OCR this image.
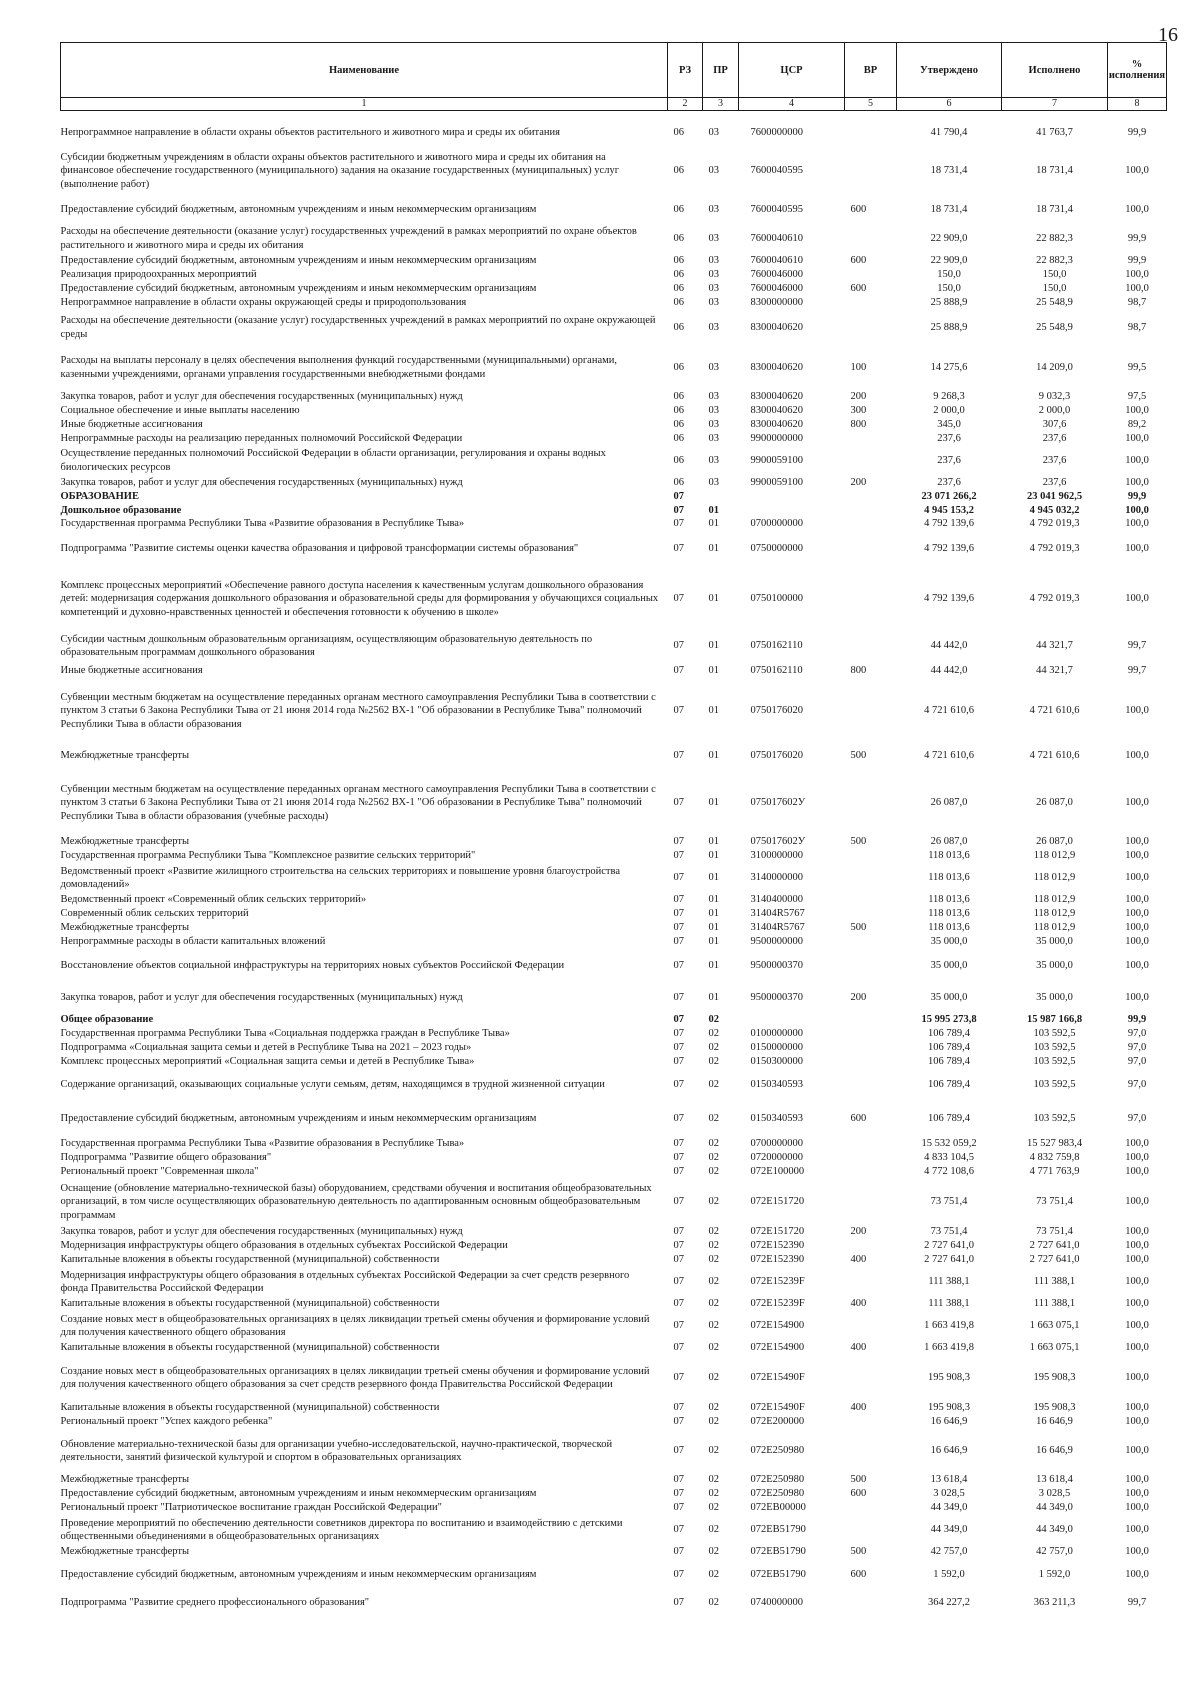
16
Наименование	РЗ	ПР	ЦСР	ВР	Утверждено	Исполнено	% исполнения
1	2	3	4	5	6	7	8
Непрограммное направление в области охраны объектов растительного и животного мира и среды их обитания	06	03	7600000000		41 790,4	41 763,7	99,9
Субсидии бюджетным учреждениям в области охраны объектов растительного и животного мира и среды их обитания на финансовое обеспечение государственного (муниципального) задания на оказание государственных (муниципальных) услуг (выполнение работ)	06	03	7600040595		18 731,4	18 731,4	100,0
Предоставление субсидий бюджетным, автономным учреждениям и иным некоммерческим организациям	06	03	7600040595	600	18 731,4	18 731,4	100,0
Расходы на обеспечение деятельности (оказание услуг) государственных учреждений в рамках мероприятий по охране объектов растительного и животного мира и среды их обитания	06	03	7600040610		22 909,0	22 882,3	99,9
Предоставление субсидий бюджетным, автономным учреждениям и иным некоммерческим организациям	06	03	7600040610	600	22 909,0	22 882,3	99,9
Реализация природоохранных мероприятий	06	03	7600046000		150,0	150,0	100,0
Предоставление субсидий бюджетным, автономным учреждениям и иным некоммерческим организациям	06	03	7600046000	600	150,0	150,0	100,0
Непрограммное направление в области охраны окружающей среды и природопользования	06	03	8300000000		25 888,9	25 548,9	98,7
Расходы на обеспечение деятельности (оказание услуг) государственных учреждений в рамках мероприятий по охране окружающей среды	06	03	8300040620		25 888,9	25 548,9	98,7
Расходы на выплаты персоналу в целях обеспечения выполнения функций государственными (муниципальными) органами, казенными учреждениями, органами управления государственными внебюджетными фондами	06	03	8300040620	100	14 275,6	14 209,0	99,5
Закупка товаров, работ и услуг для обеспечения государственных (муниципальных) нужд	06	03	8300040620	200	9 268,3	9 032,3	97,5
Социальное обеспечение и иные выплаты населению	06	03	8300040620	300	2 000,0	2 000,0	100,0
Иные бюджетные ассигнования	06	03	8300040620	800	345,0	307,6	89,2
Непрограммные расходы на реализацию переданных полномочий Российской Федерации	06	03	9900000000		237,6	237,6	100,0
Осуществление переданных полномочий Российской Федерации в области организации, регулирования и охраны водных биологических ресурсов	06	03	9900059100		237,6	237,6	100,0
Закупка товаров, работ и услуг для обеспечения государственных (муниципальных) нужд	06	03	9900059100	200	237,6	237,6	100,0
ОБРАЗОВАНИЕ	07				23 071 266,2	23 041 962,5	99,9
Дошкольное образование	07	01			4 945 153,2	4 945 032,2	100,0
Государственная программа Республики Тыва «Развитие образования в Республике Тыва»	07	01	0700000000		4 792 139,6	4 792 019,3	100,0
Подпрограмма "Развитие системы оценки качества образования и цифровой трансформации системы образования"	07	01	0750000000		4 792 139,6	4 792 019,3	100,0
Комплекс процессных мероприятий «Обеспечение равного доступа населения к качественным услугам дошкольного образования детей: модернизация содержания дошкольного образования и образовательной среды для формирования у обучающихся социальных компетенций и духовно-нравственных ценностей и обеспечения готовности к обучению в школе»	07	01	0750100000		4 792 139,6	4 792 019,3	100,0
Субсидии частным дошкольным образовательным организациям, осуществляющим образовательную деятельность по образовательным программам дошкольного образования	07	01	0750162110		44 442,0	44 321,7	99,7
Иные бюджетные ассигнования	07	01	0750162110	800	44 442,0	44 321,7	99,7
Субвенции местным бюджетам на осуществление переданных органам местного самоуправления Республики Тыва в соответствии с пунктом 3 статьи 6 Закона Республики Тыва от 21 июня 2014 года №2562 ВХ-1 "Об образовании в Республике Тыва" полномочий Республики Тыва в области образования	07	01	0750176020		4 721 610,6	4 721 610,6	100,0
Межбюджетные трансферты	07	01	0750176020	500	4 721 610,6	4 721 610,6	100,0
Субвенции местным бюджетам на осуществление переданных органам местного самоуправления Республики Тыва в соответствии с пунктом 3 статьи 6 Закона Республики Тыва от 21 июня 2014 года №2562 ВХ-1 "Об образовании в Республике Тыва" полномочий Республики Тыва в области образования (учебные расходы)	07	01	075017602У		26 087,0	26 087,0	100,0
Межбюджетные трансферты	07	01	075017602У	500	26 087,0	26 087,0	100,0
Государственная программа Республики Тыва "Комплексное развитие сельских территорий"	07	01	3100000000		118 013,6	118 012,9	100,0
Ведомственный проект «Развитие жилищного строительства на сельских территориях и повышение уровня благоустройства домовладений»	07	01	3140000000		118 013,6	118 012,9	100,0
Ведомственный проект «Современный облик сельских территорий»	07	01	3140400000		118 013,6	118 012,9	100,0
Современный облик сельских территорий	07	01	31404R5767		118 013,6	118 012,9	100,0
Межбюджетные трансферты	07	01	31404R5767	500	118 013,6	118 012,9	100,0
Непрограммные расходы в области капитальных вложений	07	01	9500000000		35 000,0	35 000,0	100,0
Восстановление объектов социальной инфраструктуры на территориях новых субъектов Российской Федерации	07	01	9500000370		35 000,0	35 000,0	100,0
Закупка товаров, работ и услуг для обеспечения государственных (муниципальных) нужд	07	01	9500000370	200	35 000,0	35 000,0	100,0
Общее образование	07	02			15 995 273,8	15 987 166,8	99,9
Государственная программа Республики Тыва «Социальная поддержка граждан в Республике Тыва»	07	02	0100000000		106 789,4	103 592,5	97,0
Подпрограмма «Социальная защита семьи и детей в Республике Тыва на 2021 – 2023 годы»	07	02	0150000000		106 789,4	103 592,5	97,0
Комплекс процессных мероприятий «Социальная защита семьи и детей в Республике Тыва»	07	02	0150300000		106 789,4	103 592,5	97,0
Содержание организаций, оказывающих социальные услуги семьям, детям, находящимся в трудной жизненной ситуации	07	02	0150340593		106 789,4	103 592,5	97,0
Предоставление субсидий бюджетным, автономным учреждениям и иным некоммерческим организациям	07	02	0150340593	600	106 789,4	103 592,5	97,0
Государственная программа Республики Тыва «Развитие образования в Республике Тыва»	07	02	0700000000		15 532 059,2	15 527 983,4	100,0
Подпрограмма "Развитие общего образования"	07	02	0720000000		4 833 104,5	4 832 759,8	100,0
Региональный проект "Современная школа"	07	02	072E100000		4 772 108,6	4 771 763,9	100,0
Оснащение (обновление материально-технической базы) оборудованием, средствами обучения и воспитания общеобразовательных организаций, в том числе осуществляющих образовательную деятельность по адаптированным основным общеобразовательным программам	07	02	072E151720		73 751,4	73 751,4	100,0
Закупка товаров, работ и услуг для обеспечения государственных (муниципальных) нужд	07	02	072E151720	200	73 751,4	73 751,4	100,0
Модернизация инфраструктуры общего образования в отдельных субъектах Российской Федерации	07	02	072E152390		2 727 641,0	2 727 641,0	100,0
Капитальные вложения в объекты государственной (муниципальной) собственности	07	02	072E152390	400	2 727 641,0	2 727 641,0	100,0
Модернизация инфраструктуры общего образования в отдельных субъектах Российской Федерации за счет средств резервного фонда Правительства Российской Федерации	07	02	072E15239F		111 388,1	111 388,1	100,0
Капитальные вложения в объекты государственной (муниципальной) собственности	07	02	072E15239F	400	111 388,1	111 388,1	100,0
Создание новых мест в общеобразовательных организациях в целях ликвидации третьей смены обучения и формирование условий для получения качественного общего образования	07	02	072E154900		1 663 419,8	1 663 075,1	100,0
Капитальные вложения в объекты государственной (муниципальной) собственности	07	02	072E154900	400	1 663 419,8	1 663 075,1	100,0
Создание новых мест в общеобразовательных организациях в целях ликвидации третьей смены обучения и формирование условий для получения качественного общего образования за счет средств резервного фонда Правительства Российской Федерации	07	02	072E15490F		195 908,3	195 908,3	100,0
Капитальные вложения в объекты государственной (муниципальной) собственности	07	02	072E15490F	400	195 908,3	195 908,3	100,0
Региональный проект "Успех каждого ребенка"	07	02	072E200000		16 646,9	16 646,9	100,0
Обновление материально-технической базы для организации учебно-исследовательской, научно-практической, творческой деятельности, занятий физической культурой и спортом в образовательных организациях	07	02	072E250980		16 646,9	16 646,9	100,0
Межбюджетные трансферты	07	02	072E250980	500	13 618,4	13 618,4	100,0
Предоставление субсидий бюджетным, автономным учреждениям и иным некоммерческим организациям	07	02	072E250980	600	3 028,5	3 028,5	100,0
Региональный проект "Патриотическое воспитание граждан Российской Федерации"	07	02	072EB00000		44 349,0	44 349,0	100,0
Проведение мероприятий по обеспечению деятельности советников директора по воспитанию и взаимодействию с детскими общественными объединениями в общеобразовательных организациях	07	02	072EB51790		44 349,0	44 349,0	100,0
Межбюджетные трансферты	07	02	072EB51790	500	42 757,0	42 757,0	100,0
Предоставление субсидий бюджетным, автономным учреждениям и иным некоммерческим организациям	07	02	072EB51790	600	1 592,0	1 592,0	100,0
Подпрограмма "Развитие среднего профессионального образования"	07	02	0740000000		364 227,2	363 211,3	99,7
